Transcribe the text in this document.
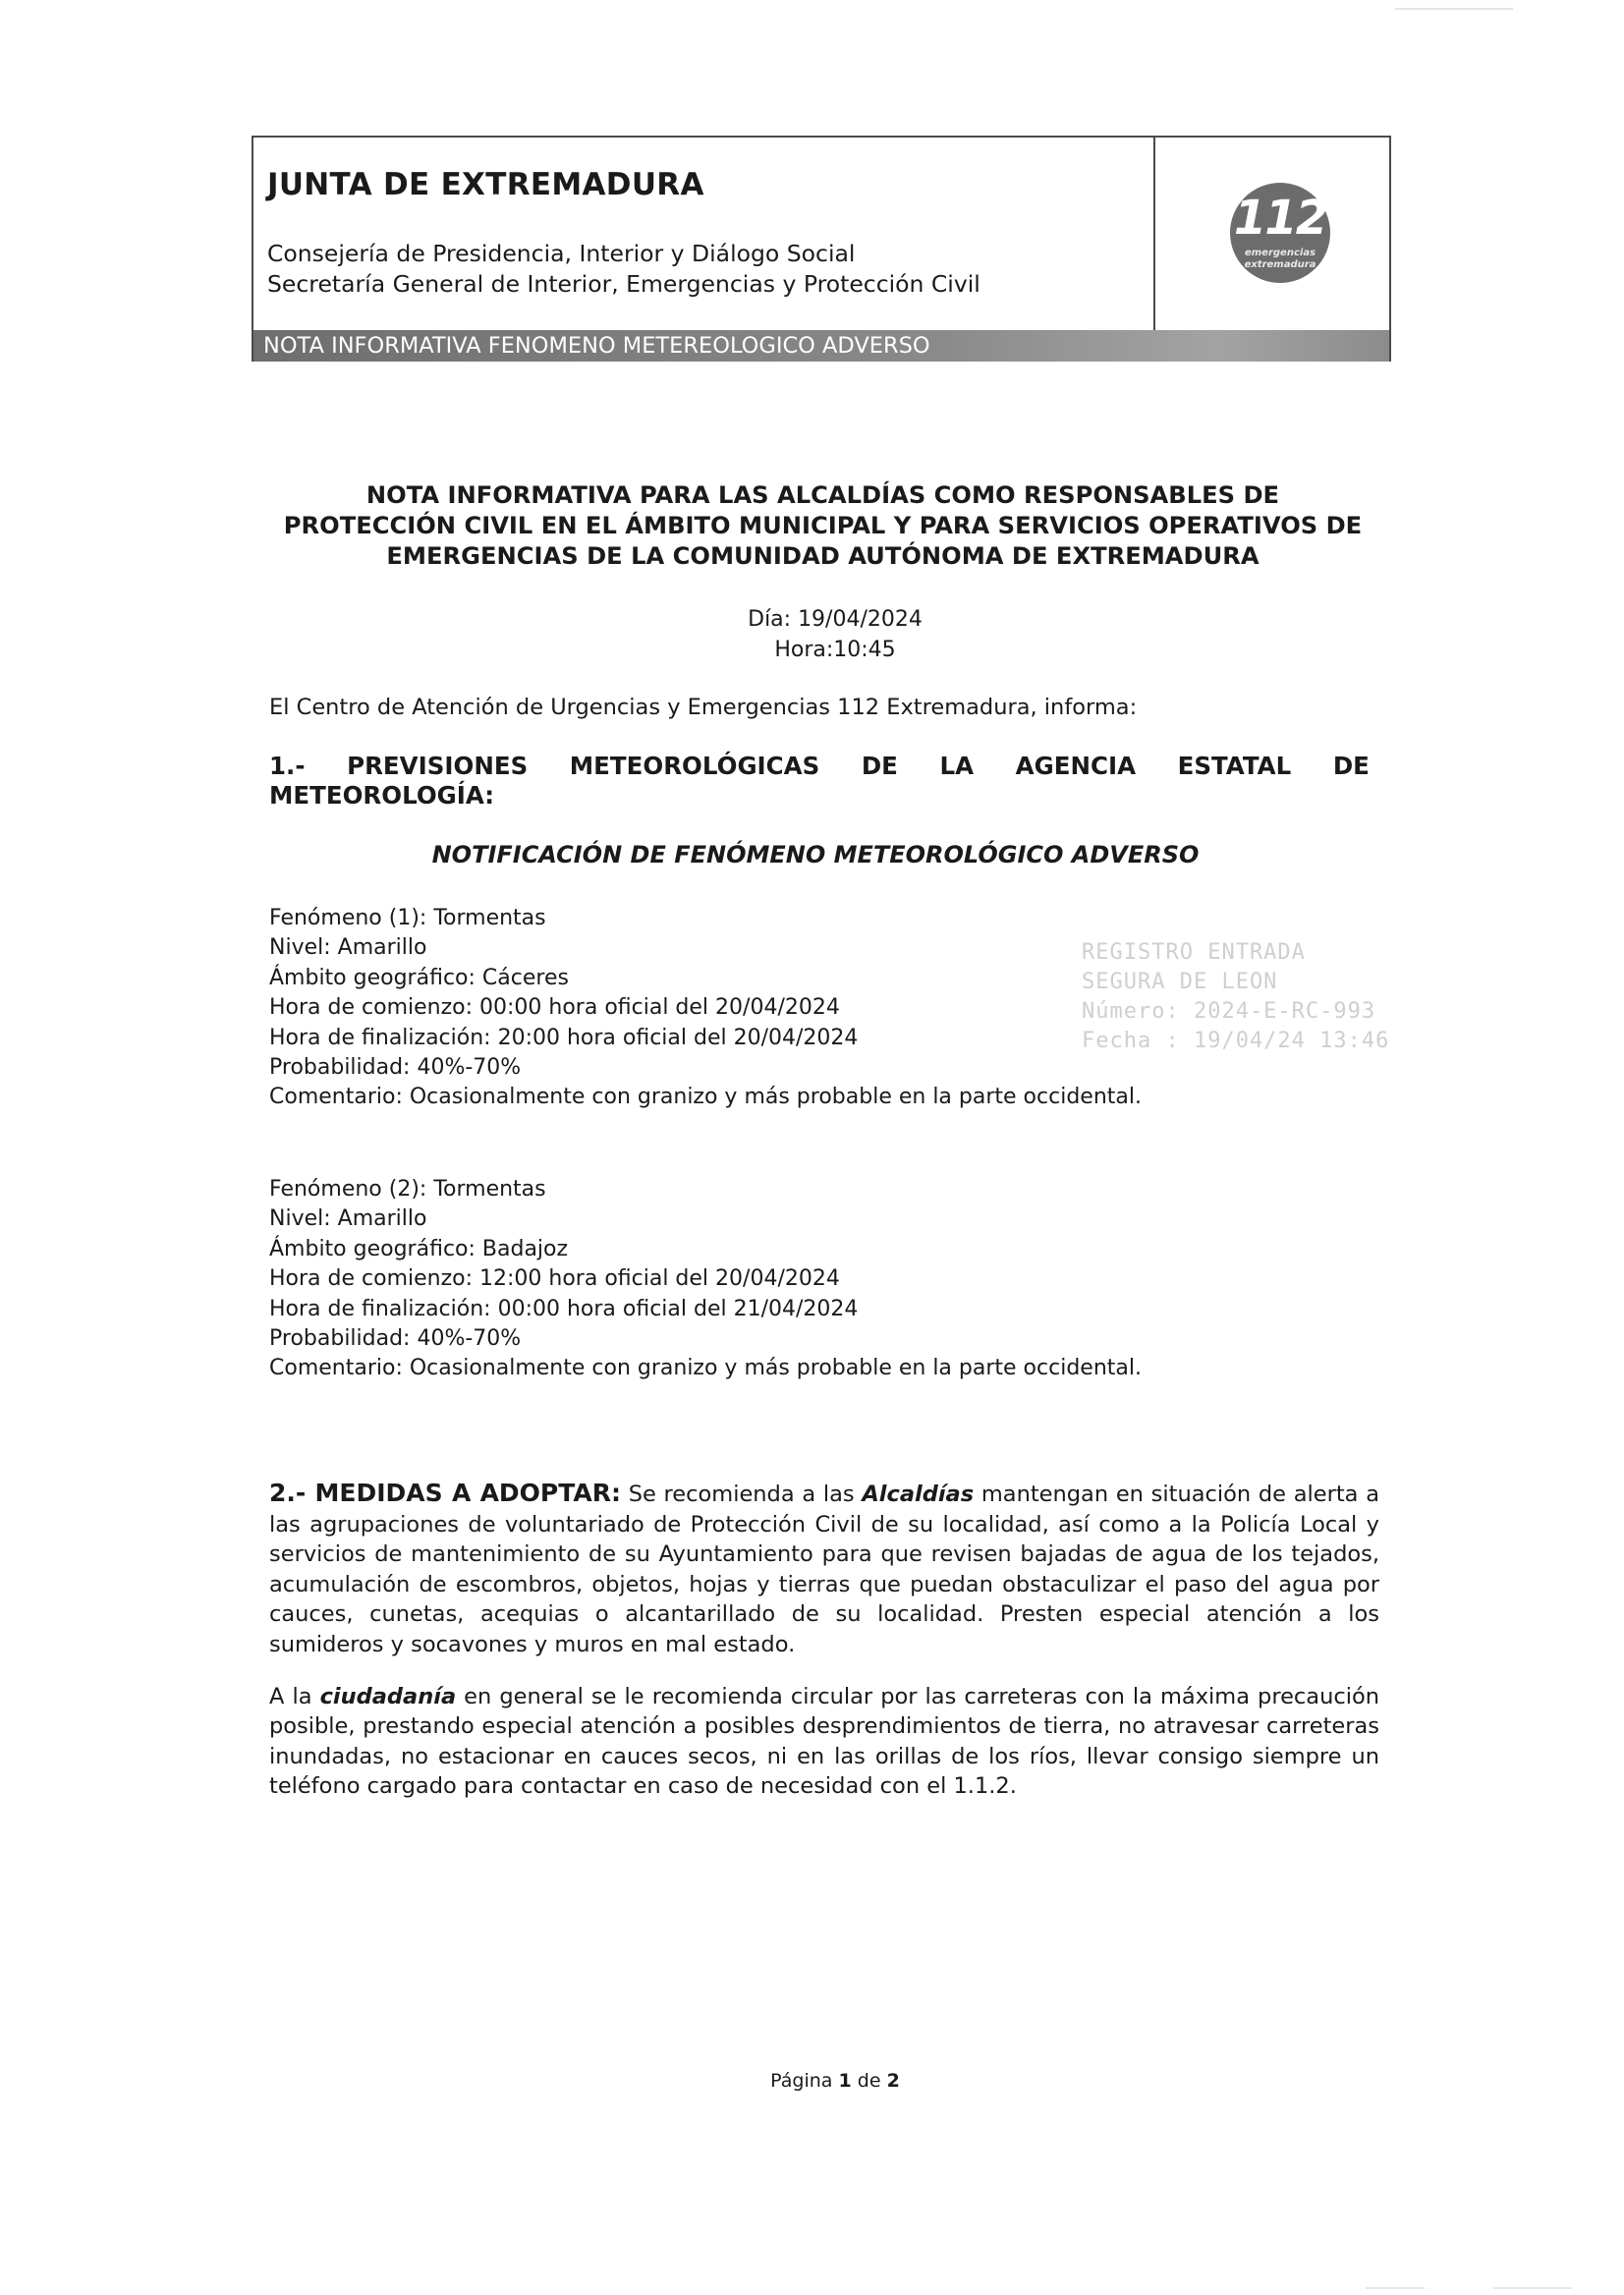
JUNTA DE EXTREMADURA
Consejería de Presidencia, Interior y Diálogo Social
Secretaría General de Interior, Emergencias y Protección Civil
112
emergencias
extremadura
NOTA INFORMATIVA FENOMENO METEREOLOGICO ADVERSO
NOTA INFORMATIVA PARA LAS ALCALDÍAS COMO RESPONSABLES DE
PROTECCIÓN CIVIL EN EL ÁMBITO MUNICIPAL Y PARA SERVICIOS OPERATIVOS DE
EMERGENCIAS DE LA COMUNIDAD AUTÓNOMA DE EXTREMADURA
Día: 19/04/2024
Hora:10:45
El Centro de Atención de Urgencias y Emergencias 112 Extremadura, informa:
1.- PREVISIONES METEOROLÓGICAS DE LA AGENCIA ESTATAL DE
METEOROLOGÍA:
NOTIFICACIÓN DE FENÓMENO METEOROLÓGICO ADVERSO
Fenómeno (1): Tormentas
Nivel: Amarillo
Ámbito geográfico: Cáceres
Hora de comienzo: 00:00 hora oficial del 20/04/2024
Hora de finalización: 20:00 hora oficial del 20/04/2024
Probabilidad: 40%-70%
Comentario: Ocasionalmente con granizo y más probable en la parte occidental.
REGISTRO ENTRADA
SEGURA DE LEON
Número: 2024-E-RC-993
Fecha : 19/04/24 13:46
Fenómeno (2): Tormentas
Nivel: Amarillo
Ámbito geográfico: Badajoz
Hora de comienzo: 12:00 hora oficial del 20/04/2024
Hora de finalización: 00:00 hora oficial del 21/04/2024
Probabilidad: 40%-70%
Comentario: Ocasionalmente con granizo y más probable en la parte occidental.
2.- MEDIDAS A ADOPTAR: Se recomienda a las Alcaldías mantengan en situación de alerta a las agrupaciones de voluntariado de Protección Civil de su localidad, así como a la Policía Local y servicios de mantenimiento de su Ayuntamiento para que revisen bajadas de agua de los tejados, acumulación de escombros, objetos, hojas y tierras que puedan obstaculizar el paso del agua por cauces, cunetas, acequias o alcantarillado de su localidad. Presten especial atención a los sumideros y socavones y muros en mal estado.
A la ciudadanía en general se le recomienda circular por las carreteras con la máxima precaución posible, prestando especial atención a posibles desprendimientos de tierra, no atravesar carreteras inundadas, no estacionar en cauces secos, ni en las orillas de los ríos, llevar consigo siempre un teléfono cargado para contactar en caso de necesidad con el 1.1.2.
Página 1 de 2
